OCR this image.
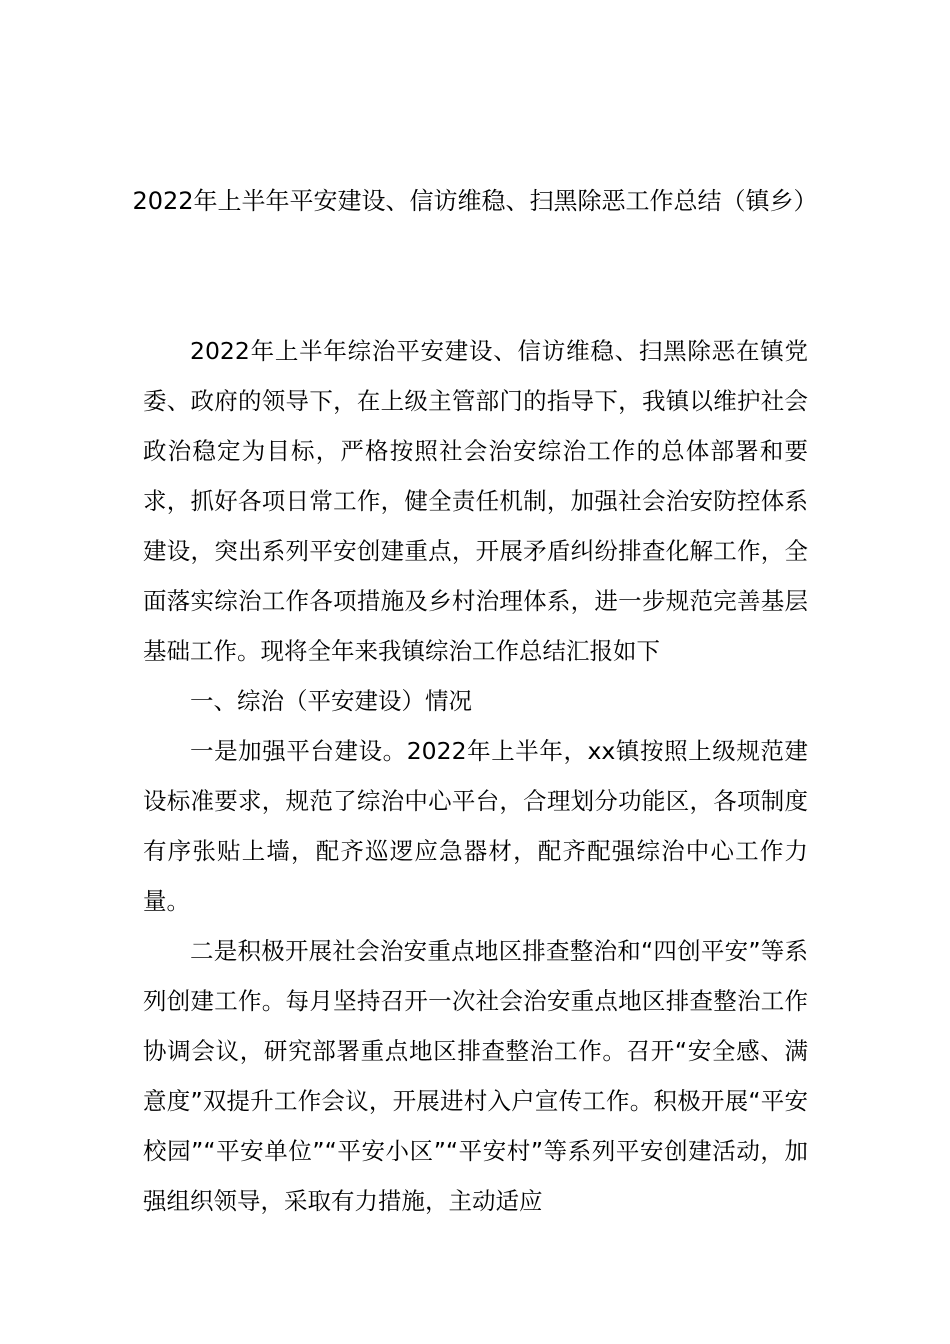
2022年上半年平安建设、信访维稳、扫黑除恶工作总结（镇乡）

2022年上半年综治平安建设、信访维稳、扫黑除恶在镇党委、政府的领导下，在上级主管部门的指导下，我镇以维护社会政治稳定为目标，严格按照社会治安综治工作的总体部署和要求，抓好各项日常工作，健全责任机制，加强社会治安防控体系建设，突出系列平安创建重点，开展矛盾纠纷排查化解工作，全面落实综治工作各项措施及乡村治理体系，进一步规范完善基层基础工作。现将全年来我镇综治工作总结汇报如下

一、综治（平安建设）情况

一是加强平台建设。2022年上半年，xx镇按照上级规范建设标准要求，规范了综治中心平台，合理划分功能区，各项制度有序张贴上墙，配齐巡逻应急器材，配齐配强综治中心工作力量。

二是积极开展社会治安重点地区排查整治和“四创平安”等系列创建工作。每月坚持召开一次社会治安重点地区排查整治工作协调会议，研究部署重点地区排查整治工作。召开“安全感、满意度”双提升工作会议，开展进村入户宣传工作。积极开展“平安校园”“平安单位”“平安小区”“平安村”等系列平安创建活动，加强组织领导，采取有力措施，主动适应
